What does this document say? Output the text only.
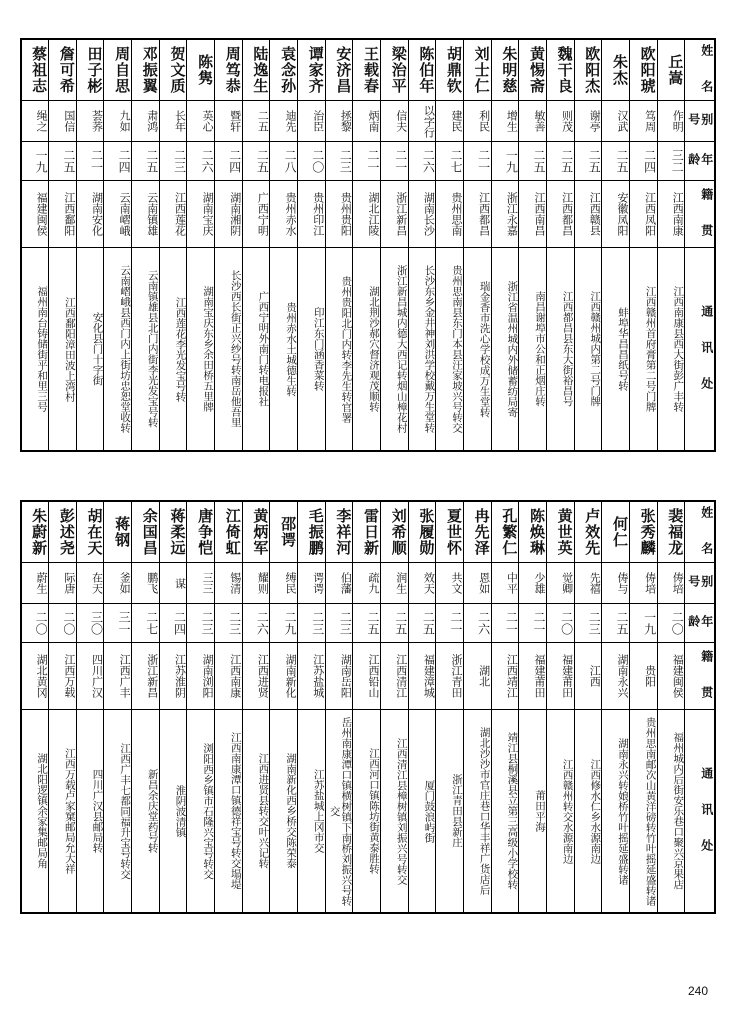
蔡祖志	詹可希	田子彬	周自思	邓振翼	贺文质	陈隽	周笃恭	陆逸生	袁念孙	谭家齐	安济昌	王载春	梁治平	陈伯年	胡鼎钦	刘士仁	朱明慈	黄惕斋	魏干良	欧阳杰	朱杰	欧阳琥	丘嵩	姓 名
绳之	国信	荟荞	九如	肃鸿	长年	英心	暨轩	二五	迪先	治臣	拯黎	炳南	信夫	以字行	建民	利民	增生	敏善	则茂	谢亭	汉武	笃周	作明	别 号
一九	二五	二一	二四	二五	二三	二六	二四	二五	二八	二〇	二三	二一	二一	二六	二七	二一	一九	二五	二五	二五	二五	二四	三二	年 龄
福建闽侯	江西鄱阳	湖南安化	云南嶍峨	云南镇雄	江西莲花	湖南宝庆	湖南湘阴	广西宁明	贵州赤水	贵州印江	贵州贵阳	湖北江陵	浙江新昌	湖南长沙	贵州思南	江西都昌	浙江永嘉	江西南昌	江西都昌	江西赣县	安徽凤阳	江西凤阳	江西南康	籍 贯
福州南台铸储街平和里三号	江西鄱阳漳田波上湾村	安化县门十字街	云南嶍峨县西门内上街坊忠恕堂收转	云南镇雄县北门内街李光发宝号转	江西莲花李光发宝号转	湖南宝庆东乡余田桥五里牌	长沙西长街正兴纱号转南岳他吾里	广西宁明外南门转电报社	贵州赤水土城德生转	印江东门涵香菜转	贵州贵阳北门内转李先生转官署	湖北荆沙郝穴督济观茂顺转	浙江新昌城内德大西记转烟山樟花村	长沙东乡金井神刘洪学校戴万生堂转	贵州思南县东门本县汪家坡兴号转交	瑞金香市洗心学校成万生堂转	浙江省温州城内外储蓄纺局寄	南昌谢埠市公和正烟庄转	江西都昌县东大街裕昌号	江西赣州城内第二号门牌	蚌埠华昌昌纸号转	江西赣州首府膏第二号门牌	江西南康县西大街彭广丰转	通 讯 处
朱蔚新	彭述尧	胡在天	蒋钢	余国昌	蒋柔远	唐争恺	江倚虹	黄炳军	邵谔	毛振鹏	李祥河	雷日新	刘希顺	张履勋	夏世怀	冉先泽	孔繁仁	陈焕琳	黄世英	卢效先	何仁	张秀麟	裴福龙	姓 名
蔚生	际唐	在天	釜如	鹏飞	谋	三三	锡清	耀则	缚民	谔谔	伯藩	疏九	润生	效天	共文	恩如	中平	少雄	觉卿	先禧	俦与	俦培	俦培	别 号
二〇	二〇	三〇	三一	二七	二四	二三	二三	二六	二九	二三	二三	二五	二五	二五	二一	二六	二一	二一	二〇	二三	二五	一九	二〇	年 龄
湖北黄冈	江西万载	四川广汉	江西广丰	浙江新昌	江苏淮阴	湖南浏阳	江西南康	江西进贤	湖南新化	江苏盐城	湖南岳阳	江西铅山	江西清江	福建漳城	浙江青田	湖北	江西靖江	福建莆田	福建莆田	江西	湖南永兴	贵阳	福建闽侯	籍 贯
湖北阳逻镇余家集邮局角	江西万载卢家窠邮局允大祥	四川广汉县邮局转	江西广丰七都同福升宝号转交	新昌余庆堂药号转	淮阴波清镇	浏阳西乡镇市石隆兴宝号转交	江西南康潭口镇德祥宝号转交塌堤	江西进贤县转交叶兴记转	湖南新化西乡桥交陈荣泰	江苏盐城上冈市交	岳州南康潭口镇横树镇下南桥刘振兴号转交	江西河口镇陈坊街黄泰胜转	江西清江县樟树镇刘振兴号转交	厦门鼓浪屿街	浙江青田县新庄	湖北沙沙市官庄巷口华丰祥广货店后	靖江县桐溪县立第三高级小学校转	莆田平海	江西赣州转交水源南边	江西修水仁乡水源南边	湖南永兴转娘桥竹叶摇延盛转诸	贵州思南邮次山黄洋磅转竹叶摇延盛转诸	福州城内后街安乐巷口聚兴京果店	通 讯 处
240
